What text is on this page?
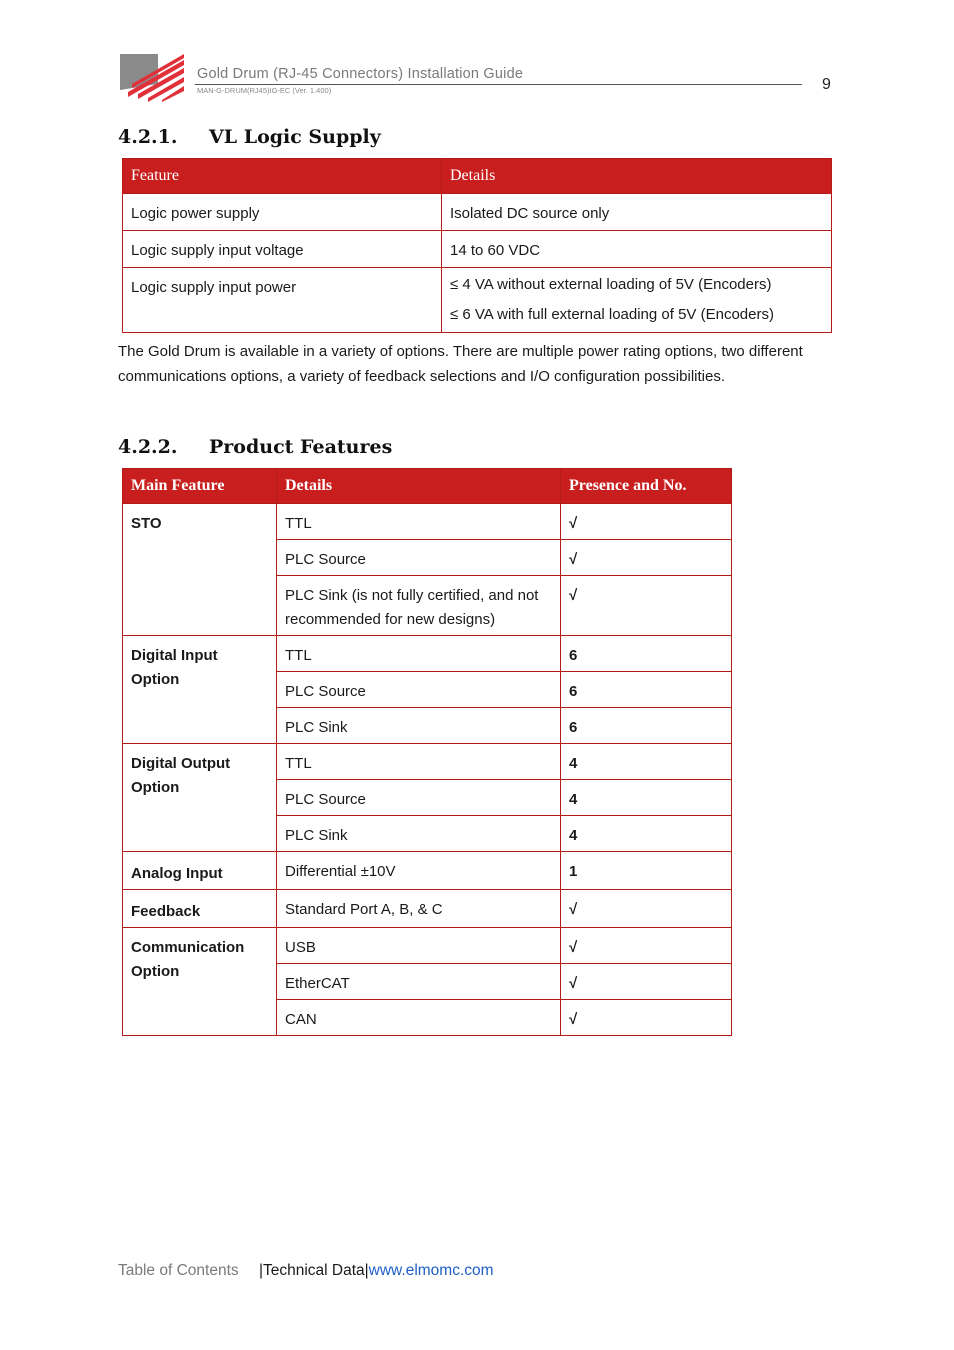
Gold Drum (RJ-45 Connectors) Installation Guide
MAN-G-DRUM(RJ45)IG-EC (Ver. 1.400)	9
4.2.1. VL Logic Supply
Feature	Details
Logic power supply	Isolated DC source only
Logic supply input voltage	14 to 60 VDC
Logic supply input power	≤ 4 VA without external loading of 5V (Encoders)
≤ 6 VA with full external loading of 5V (Encoders)
The Gold Drum is available in a variety of options. There are multiple power rating options, two different communications options, a variety of feedback selections and I/O configuration possibilities.
4.2.2. Product Features
Main Feature	Details	Presence and No.
STO	TTL	√
	PLC Source	√
	PLC Sink (is not fully certified, and not recommended for new designs)	√
Digital Input Option	TTL	6
	PLC Source	6
	PLC Sink	6
Digital Output Option	TTL	4
	PLC Source	4
	PLC Sink	4
Analog Input	Differential ±10V	1
Feedback	Standard Port A, B, & C	√
Communication Option	USB	√
	EtherCAT	√
	CAN	√
Table of Contents |Technical Data|www.elmomc.com
